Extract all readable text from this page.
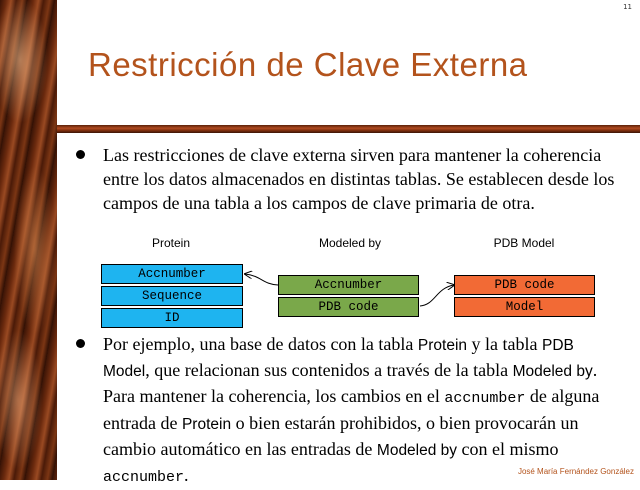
11
Restricción de Clave Externa
Las restricciones de clave externa sirven para mantener la coherencia entre los datos almacenados en distintas tablas. Se establecen desde los campos de una tabla a los campos de clave primaria de otra.
Protein	Modeled by	PDB Model
Accnumber
Sequence
ID
Accnumber
PDB code
PDB code
Model
Por ejemplo, una base de datos con la tabla Protein y la tabla PDB Model, que relacionan sus contenidos a través de la tabla Modeled by. Para mantener la coherencia, los cambios en el accnumber de alguna entrada de Protein o bien estarán prohibidos, o bien provocarán un cambio automático en las entradas de Modeled by con el mismo accnumber.	José María Fernández González
